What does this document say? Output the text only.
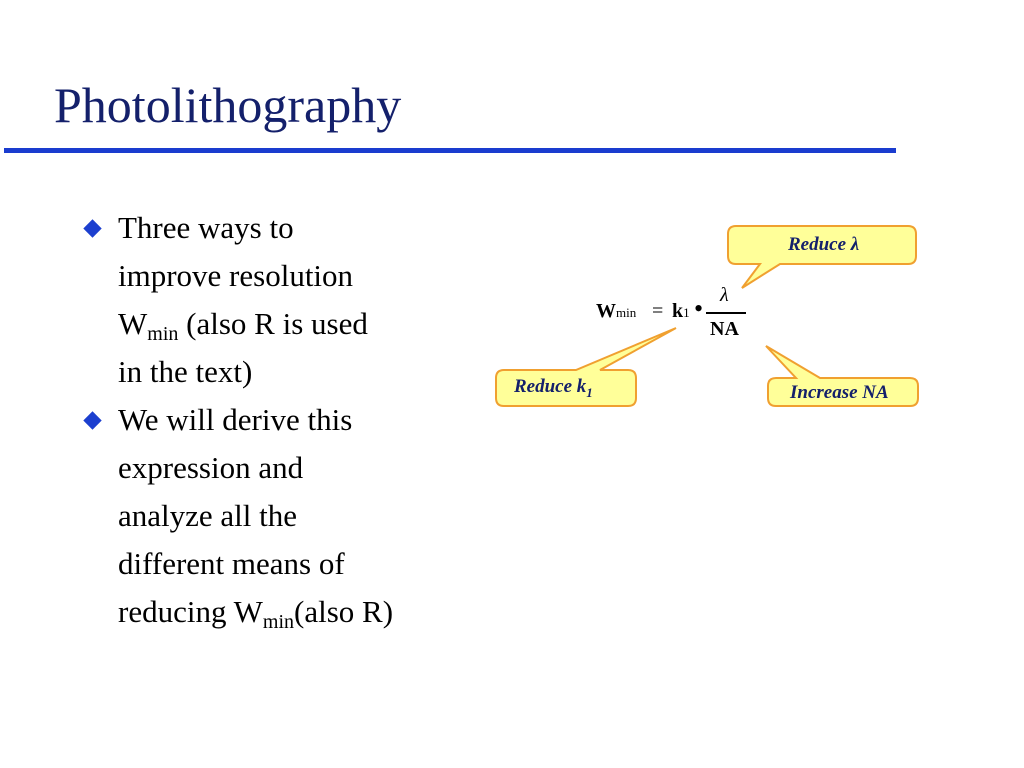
Photolithography
Three ways to
improve resolution
$W_{min}$ (also R is used
in the text)
We will derive this
expression and
analyze all the
different means of
reducing $W_{min}(also$ R)
Reduce λ
Reduce $k_1$	Increase NA
Wmin = k1 • λ
NA
